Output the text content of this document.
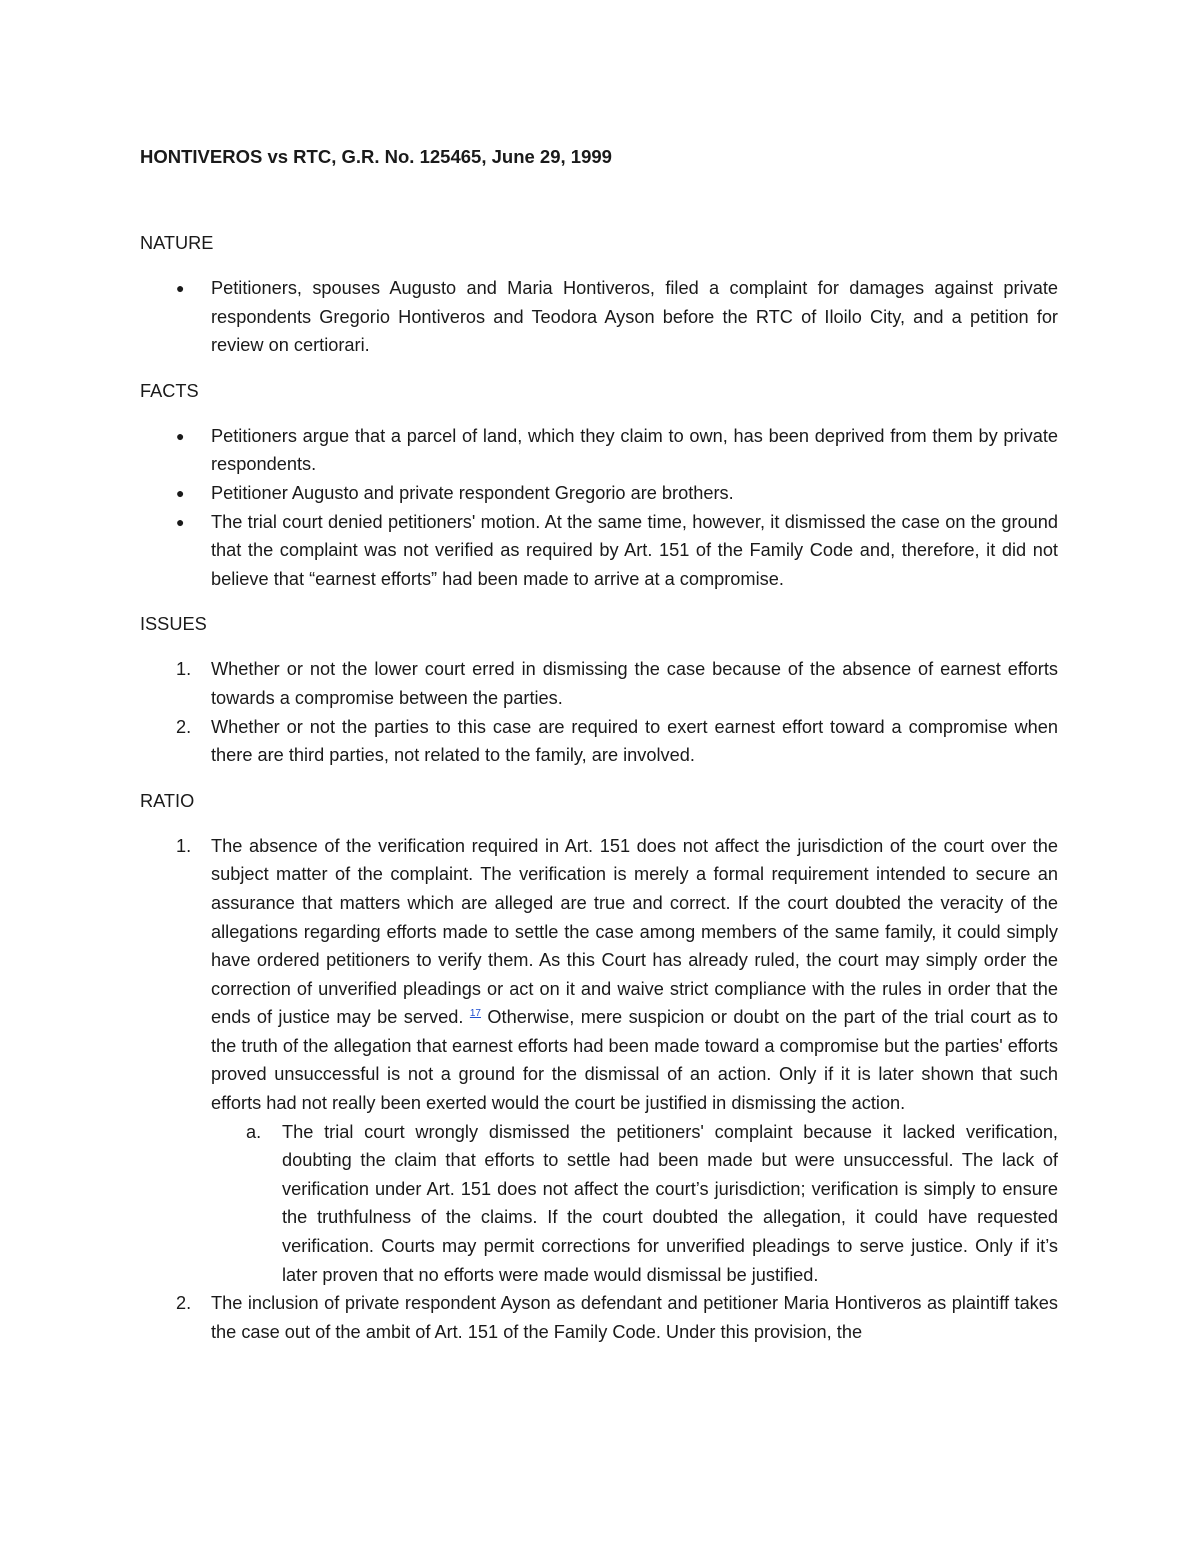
HONTIVEROS vs RTC, G.R. No. 125465, June 29, 1999
NATURE
● Petitioners, spouses Augusto and Maria Hontiveros, filed a complaint for damages against private respondents Gregorio Hontiveros and Teodora Ayson before the RTC of Iloilo City, and a petition for review on certiorari.
FACTS
● Petitioners argue that a parcel of land, which they claim to own, has been deprived from them by private respondents.
● Petitioner Augusto and private respondent Gregorio are brothers.
● The trial court denied petitioners' motion. At the same time, however, it dismissed the case on the ground that the complaint was not verified as required by Art. 151 of the Family Code and, therefore, it did not believe that “earnest efforts” had been made to arrive at a compromise.
ISSUES
1. Whether or not the lower court erred in dismissing the case because of the absence of earnest efforts towards a compromise between the parties.
2. Whether or not the parties to this case are required to exert earnest effort toward a compromise when there are third parties, not related to the family, are involved.
RATIO
1. The absence of the verification required in Art. 151 does not affect the jurisdiction of the court over the subject matter of the complaint. The verification is merely a formal requirement intended to secure an assurance that matters which are alleged are true and correct. If the court doubted the veracity of the allegations regarding efforts made to settle the case among members of the same family, it could simply have ordered petitioners to verify them. As this Court has already ruled, the court may simply order the correction of unverified pleadings or act on it and waive strict compliance with the rules in order that the ends of justice may be served. $^{17}$ Otherwise, mere suspicion or doubt on the part of the trial court as to the truth of the allegation that earnest efforts had been made toward a compromise but the parties' efforts proved unsuccessful is not a ground for the dismissal of an action. Only if it is later shown that such efforts had not really been exerted would the court be justified in dismissing the action.
a. The trial court wrongly dismissed the petitioners' complaint because it lacked verification, doubting the claim that efforts to settle had been made but were unsuccessful. The lack of verification under Art. 151 does not affect the court’s jurisdiction; verification is simply to ensure the truthfulness of the claims. If the court doubted the allegation, it could have requested verification. Courts may permit corrections for unverified pleadings to serve justice. Only if it’s later proven that no efforts were made would dismissal be justified.
2. The inclusion of private respondent Ayson as defendant and petitioner Maria Hontiveros as plaintiff takes the case out of the ambit of Art. 151 of the Family Code. Under this provision, the
